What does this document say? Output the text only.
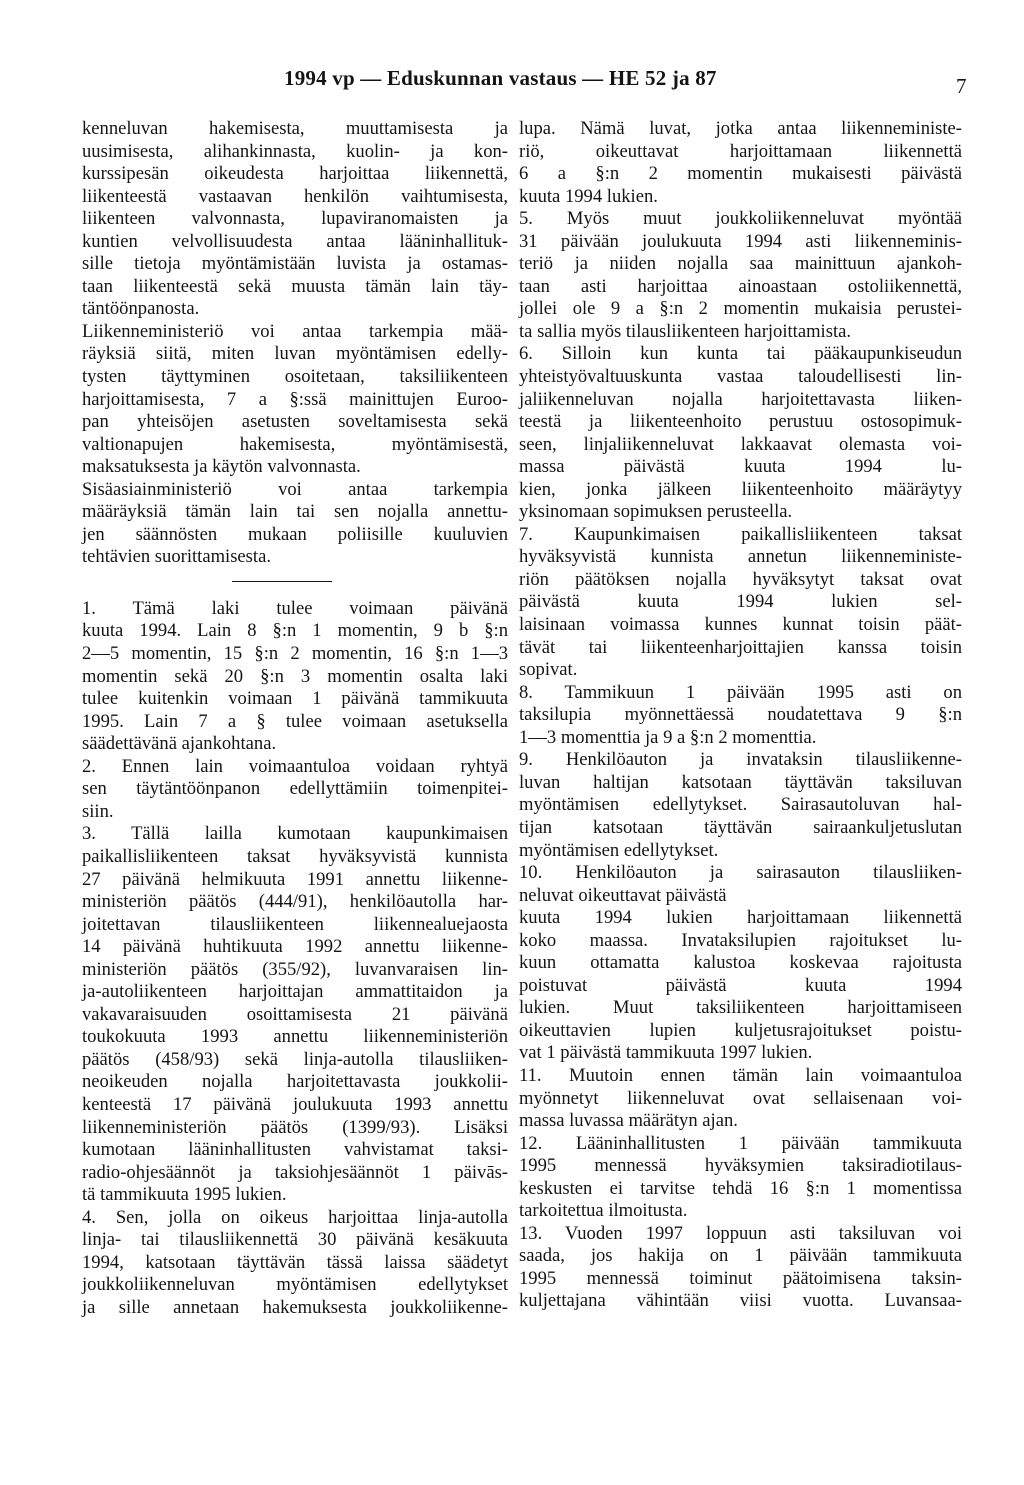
1994 vp — Eduskunnan vastaus — HE 52 ja 87	7
kenneluvan hakemisesta, muuttamisesta ja
uusimisesta, alihankinnasta, kuolin- ja kon-
kurssipesän oikeudesta harjoittaa liikennettä,
liikenteestä vastaavan henkilön vaihtumisesta,
liikenteen valvonnasta, lupaviranomaisten ja
kuntien velvollisuudesta antaa lääninhallituk-
sille tietoja myöntämistään luvista ja ostamas-
taan liikenteestä sekä muusta tämän lain täy-
täntöönpanosta.
Liikenneministeriö voi antaa tarkempia mää-
räyksiä siitä, miten luvan myöntämisen edelly-
tysten täyttyminen osoitetaan, taksiliikenteen
harjoittamisesta, 7 a §:ssä mainittujen Euroo-
pan yhteisöjen asetusten soveltamisesta sekä
valtionapujen hakemisesta, myöntämisestä,
maksatuksesta ja käytön valvonnasta.
Sisäasiainministeriö voi antaa tarkempia
määräyksiä tämän lain tai sen nojalla annettu-
jen säännösten mukaan poliisille kuuluvien
tehtävien suorittamisesta.
1. Tämä laki tulee voimaan päivänä
kuuta 1994. Lain 8 §:n 1 momentin, 9 b §:n
2—5 momentin, 15 §:n 2 momentin, 16 §:n 1—3
momentin sekä 20 §:n 3 momentin osalta laki
tulee kuitenkin voimaan 1 päivänä tammikuuta
1995. Lain 7 a § tulee voimaan asetuksella
säädettävänä ajankohtana.
2. Ennen lain voimaantuloa voidaan ryhtyä
sen täytäntöönpanon edellyttämiin toimenpitei-
siin.
3. Tällä lailla kumotaan kaupunkimaisen
paikallisliikenteen taksat hyväksyvistä kunnista
27 päivänä helmikuuta 1991 annettu liikenne-
ministeriön päätös (444/91), henkilöautolla har-
joitettavan tilausliikenteen liikennealuejaosta
14 päivänä huhtikuuta 1992 annettu liikenne-
ministeriön päätös (355/92), luvanvaraisen lin-
ja-autoliikenteen harjoittajan ammattitaidon ja
vakavaraisuuden osoittamisesta 21 päivänä
toukokuuta 1993 annettu liikenneministeriön
päätös (458/93) sekä linja-autolla tilausliiken-
neoikeuden nojalla harjoitettavasta joukkolii-
kenteestä 17 päivänä joulukuuta 1993 annettu
liikenneministeriön päätös (1399/93). Lisäksi
kumotaan lääninhallitusten vahvistamat taksi-
radio-ohjesäännöt ja taksiohjesäännöt 1 päivās-
tä tammikuuta 1995 lukien.
4. Sen, jolla on oikeus harjoittaa linja-autolla
linja- tai tilausliikennettä 30 päivänä kesäkuuta
1994, katsotaan täyttävän tässä laissa säädetyt
joukkoliikenneluvan myöntämisen edellytykset
ja sille annetaan hakemuksesta joukkoliikenne-
lupa. Nämä luvat, jotka antaa liikenneministe-
riö, oikeuttavat harjoittamaan liikennettä
6 a §:n 2 momentin mukaisesti päivästä
kuuta 1994 lukien.
5. Myös muut joukkoliikenneluvat myöntää
31 päivään joulukuuta 1994 asti liikenneminis-
teriö ja niiden nojalla saa mainittuun ajankoh-
taan asti harjoittaa ainoastaan ostoliikennettä,
jollei ole 9 a §:n 2 momentin mukaisia perustei-
ta sallia myös tilausliikenteen harjoittamista.
6. Silloin kun kunta tai pääkaupunkiseudun
yhteistyövaltuuskunta vastaa taloudellisesti lin-
jaliikenneluvan nojalla harjoitettavasta liiken-
teestä ja liikenteenhoito perustuu ostosopimuk-
seen, linjaliikenneluvat lakkaavat olemasta voi-
massa päivästä kuuta 1994 lu-
kien, jonka jälkeen liikenteenhoito määräytyy
yksinomaan sopimuksen perusteella.
7. Kaupunkimaisen paikallisliikenteen taksat
hyväksyvistä kunnista annetun liikenneministe-
riön päätöksen nojalla hyväksytyt taksat ovat
päivästä kuuta 1994 lukien sel-
laisinaan voimassa kunnes kunnat toisin päät-
tävät tai liikenteenharjoittajien kanssa toisin
sopivat.
8. Tammikuun 1 päivään 1995 asti on
taksilupia myönnettäessä noudatettava 9 §:n
1—3 momenttia ja 9 a §:n 2 momenttia.
9. Henkilöauton ja invataksin tilausliikenne-
luvan haltijan katsotaan täyttävän taksiluvan
myöntämisen edellytykset. Sairasautoluvan hal-
tijan katsotaan täyttävän sairaankuljetuslutan
myöntämisen edellytykset.
10. Henkilöauton ja sairasauton tilausliiken-
neluvat oikeuttavat päivästä
kuuta 1994 lukien harjoittamaan liikennettä
koko maassa. Invataksilupien rajoitukset lu-
kuun ottamatta kalustoa koskevaa rajoitusta
poistuvat päivästä kuuta 1994
lukien. Muut taksiliikenteen harjoittamiseen
oikeuttavien lupien kuljetusrajoitukset poistu-
vat 1 päivästä tammikuuta 1997 lukien.
11. Muutoin ennen tämän lain voimaantuloa
myönnetyt liikenneluvat ovat sellaisenaan voi-
massa luvassa määrätyn ajan.
12. Lääninhallitusten 1 päivään tammikuuta
1995 mennessä hyväksymien taksiradiotilaus-
keskusten ei tarvitse tehdä 16 §:n 1 momentissa
tarkoitettua ilmoitusta.
13. Vuoden 1997 loppuun asti taksiluvan voi
saada, jos hakija on 1 päivään tammikuuta
1995 mennessä toiminut päätoimisena taksin-
kuljettajana vähintään viisi vuotta. Luvansaa-
